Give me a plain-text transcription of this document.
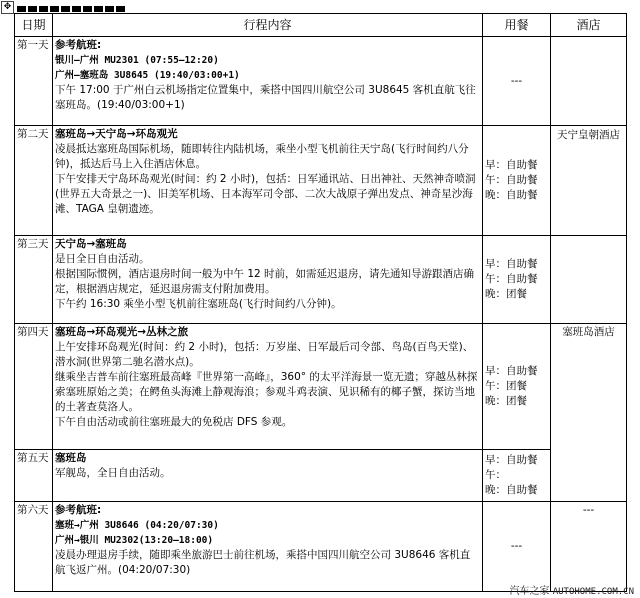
✥
日期	行程内容	用餐	酒店
第一天	参考航班:
银川—广州 MU2301 (07:55—12:20)
广州—塞班岛 3U8645 (19:40/03:00+1)
下午 17:00 于广州白云机场指定位置集中，乘搭中国四川航空公司 3U8645 客机直航飞往塞班岛。(19:40/03:00+1)	---	

第二天	塞班岛→天宁岛→环岛观光
凌晨抵达塞班岛国际机场，随即转往内陆机场，乘坐小型飞机前往天宁岛(飞行时间约八分钟)，抵达后马上入住酒店休息。
下午安排天宁岛环岛观光(时间：约 2 小时)，包括：日军通讯站、日出神社、天然神奇喷洞(世界五大奇景之一)、旧美军机场、日本海军司令部、二次大战原子弹出发点、神奇星沙海滩、TAGA 皇朝遗迹。	早：自助餐
午：自助餐
晚：自助餐	天宁皇朝酒店
第三天	天宁岛→塞班岛
是日全日自由活动。
根据国际惯例，酒店退房时间一般为中午 12 时前，如需延迟退房，请先通知导游跟酒店确定，根据酒店规定，延迟退房需支付附加费用。
下午约 16:30 乘坐小型飞机前往塞班岛(飞行时间约八分钟)。	早：自助餐
午：自助餐
晚：团餐	

第四天	塞班岛→环岛观光→丛林之旅
上午安排环岛观光(时间：约 2 小时)，包括：万岁崖、日军最后司令部、鸟岛(百鸟天堂)、潜水洞(世界第二驰名潜水点)。
继乘坐吉普车前往塞班最高峰『世界第一高峰』，360° 的太平洋海景一览无遗；穿越丛林探索塞班原始之美；在鳄鱼头海滩上静观海浪；参观斗鸡表演、见识稀有的椰子蟹，探访当地的土著查莫洛人。
下午自由活动或前往塞班最大的免税店 DFS 参观。	早：自助餐
午：团餐
晚：团餐	塞班岛酒店
第五天	塞班岛
军舰岛，全日自由活动。	早：自助餐
午：
晚：自助餐	

第六天	参考航班:
塞班→广州 3U8646 (04:20/07:30)
广州→银川 MU2302(13:20—18:00)
凌晨办理退房手续，随即乘坐旅游巴士前往机场，乘搭中国四川航空公司 3U8646 客机直航飞返广州。(04:20/07:30)	---	---
汽车之家 AUTOHOME.COM.CN
